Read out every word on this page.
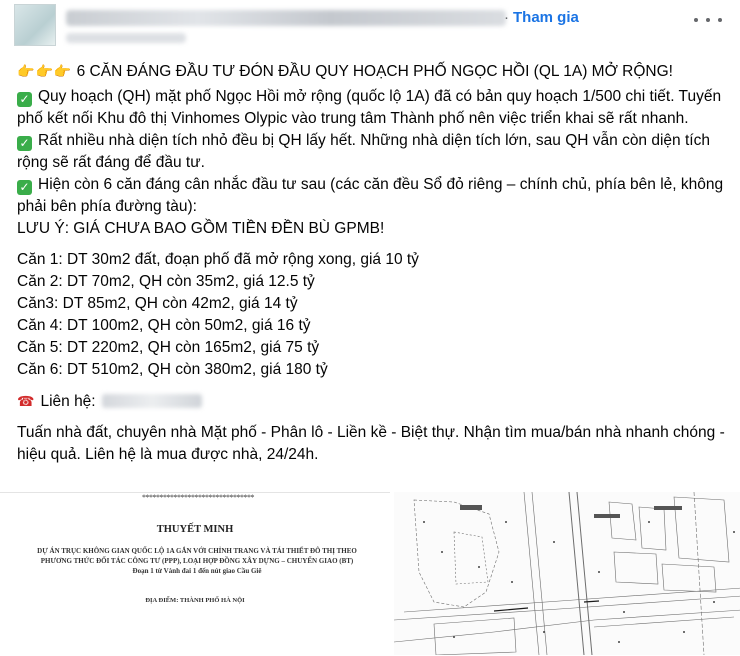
· Tham gia

👉👉👉 6 CĂN ĐÁNG ĐẦU TƯ ĐÓN ĐẦU QUY HOẠCH PHỐ NGỌC HỒI (QL 1A) MỞ RỘNG!

✓ Quy hoạch (QH) mặt phố Ngọc Hồi mở rộng (quốc lộ 1A) đã có bản quy hoạch 1/500 chi tiết. Tuyến phố kết nối Khu đô thị Vinhomes Olypic vào trung tâm Thành phố nên việc triển khai sẽ rất nhanh.

✓ Rất nhiều nhà diện tích nhỏ đều bị QH lấy hết. Những nhà diện tích lớn, sau QH vẫn còn diện tích rộng sẽ rất đáng để đầu tư.

✓ Hiện còn 6 căn đáng cân nhắc đầu tư sau (các căn đều Sổ đỏ riêng – chính chủ, phía bên lẻ, không phải bên phía đường tàu):

LƯU Ý: GIÁ CHƯA BAO GỒM TIỀN ĐỀN BÙ GPMB!

Căn 1: DT 30m2 đất, đoạn phố đã mở rộng xong, giá 10 tỷ

Căn 2: DT 70m2, QH còn 35m2, giá 12.5 tỷ

Căn3: DT 85m2, QH còn 42m2, giá 14 tỷ

Căn 4: DT 100m2, QH còn 50m2, giá 16 tỷ

Căn 5: DT 220m2, QH còn 165m2, giá 75 tỷ

Căn 6: DT 510m2, QH còn 380m2, giá 180 tỷ

☎ Liên hệ:

Tuấn nhà đất, chuyên nhà Mặt phố - Phân lô - Liền kề - Biệt thự. Nhận tìm mua/bán nhà nhanh chóng - hiệu quả. Liên hệ là mua được nhà, 24/24h.

********************************
THUYẾT MINH
DỰ ÁN TRỤC KHÔNG GIAN QUỐC LỘ 1A GẮN VỚI CHỈNH TRANG VÀ TÁI THIẾT ĐÔ THỊ THEO PHƯƠNG THỨC ĐỐI TÁC CÔNG TƯ (PPP), LOẠI HỢP ĐỒNG XÂY DỰNG – CHUYỂN GIAO (BT) Đoạn 1 từ Vành đai 1 đến nút giao Cầu Giẽ
ĐỊA ĐIỂM: THÀNH PHỐ HÀ NỘI
